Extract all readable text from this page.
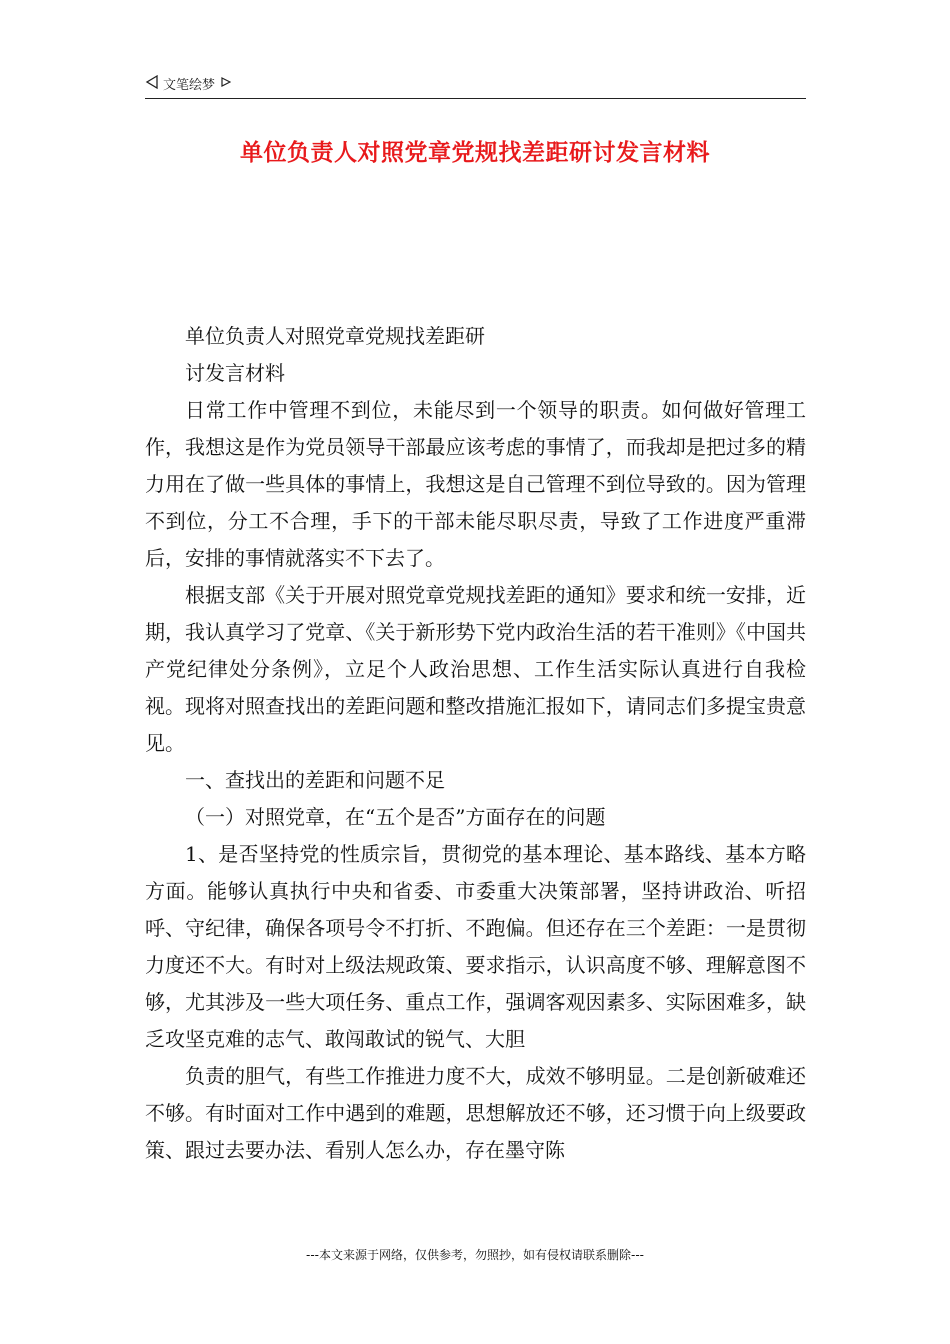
文笔绘梦
单位负责人对照党章党规找差距研讨发言材料

单位负责人对照党章党规找差距研

讨发言材料

日常工作中管理不到位，未能尽到一个领导的职责。如何做好管理工作，我想这是作为党员领导干部最应该考虑的事情了，而我却是把过多的精力用在了做一些具体的事情上，我想这是自己管理不到位导致的。因为管理不到位，分工不合理，手下的干部未能尽职尽责，导致了工作进度严重滞后，安排的事情就落实不下去了。

根据支部《关于开展对照党章党规找差距的通知》要求和统一安排，近期，我认真学习了党章、《关于新形势下党内政治生活的若干准则》《中国共产党纪律处分条例》，立足个人政治思想、工作生活实际认真进行自我检视。现将对照查找出的差距问题和整改措施汇报如下，请同志们多提宝贵意见。

一、查找出的差距和问题不足

（一）对照党章，在“五个是否”方面存在的问题

1、是否坚持党的性质宗旨，贯彻党的基本理论、基本路线、基本方略方面。能够认真执行中央和省委、市委重大决策部署，坚持讲政治、听招呼、守纪律，确保各项号令不打折、不跑偏。但还存在三个差距：一是贯彻力度还不大。有时对上级法规政策、要求指示，认识高度不够、理解意图不够，尤其涉及一些大项任务、重点工作，强调客观因素多、实际困难多，缺乏攻坚克难的志气、敢闯敢试的锐气、大胆

负责的胆气，有些工作推进力度不大，成效不够明显。二是创新破难还不够。有时面对工作中遇到的难题，思想解放还不够，还习惯于向上级要政策、跟过去要办法、看别人怎么办，存在墨守陈

---本文来源于网络，仅供参考，勿照抄，如有侵权请联系删除---
